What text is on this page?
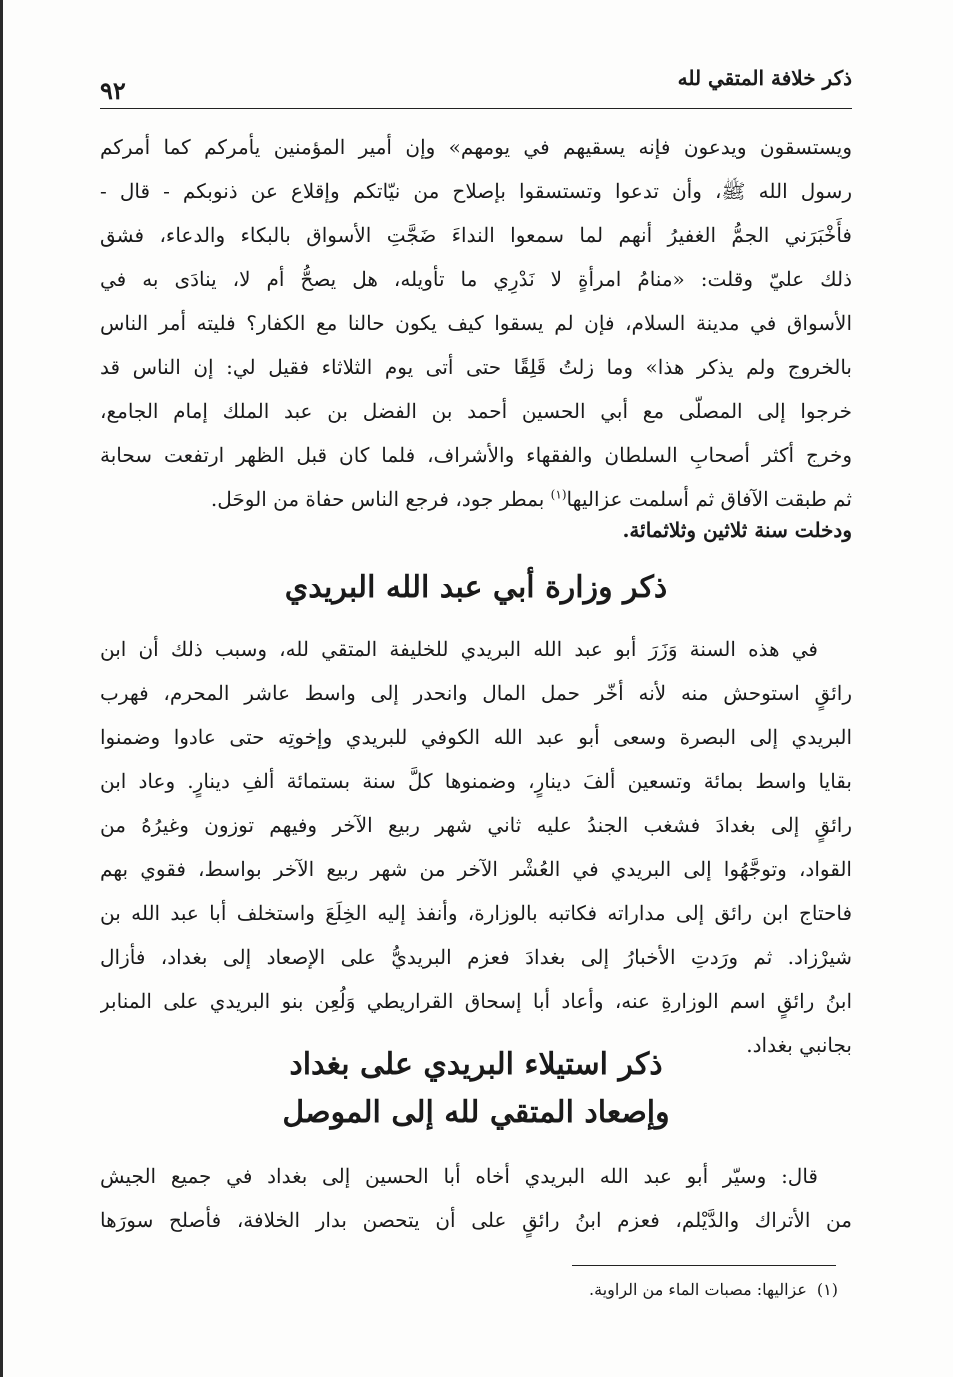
ذكر خلافة المتقي لله
٩٢
ويستسقون ويدعون فإنه يسقيهم في يومهم» وإن أمير المؤمنين يأمركم كما أمركم
رسول الله ﷺ، وأن تدعوا وتستسقوا بإصلاح من نيّاتكم وإقلاع عن ذنوبكم - قال -
فأَخْبَرَني الجمُّ الغفيرُ أنهم لما سمعوا النداءَ ضَجَّتِ الأسواق بالبكاء والدعاء، فشق
ذلك عليّ وقلت: «منامُ امرأةٍ لا نَدْرِي ما تأويله، هل يصحُّ أم لا، ينادَى به في
الأسواق في مدينة السلام، فإن لم يسقوا كيف يكون حالنا مع الكفار؟ فليته أمر الناس
بالخروج ولم يذكر هذا» وما زلتُ قَلِقًا حتى أتى يوم الثلاثاء فقيل لي: إن الناس قد
خرجوا إلى المصلّى مع أبي الحسين أحمد بن الفضل بن عبد الملك إمام الجامع،
وخرج أكثر أصحابِ السلطان والفقهاء والأشراف، فلما كان قبل الظهر ارتفعت سحابة
ثم طبقت الآفاق ثم أسلمت عزاليها$^{(١)}$ بمطر جود، فرجع الناس حفاة من الوحَل.
ودخلت سنة ثلاثين وثلاثمائة.
ذكر وزارة أبي عبد الله البريدي
في هذه السنة وَزَرَ أبو عبد الله البريدي للخليفة المتقي لله، وسبب ذلك أن ابن
رائقٍ استوحش منه لأنه أخّر حمل المال وانحدر إلى واسط عاشر المحرم، فهرب
البريدي إلى البصرة وسعى أبو عبد الله الكوفي للبريدي وإخوتِه حتى عادوا وضمنوا
بقايا واسط بمائة وتسعين ألفَ دينارٍ، وضمنوها كلَّ سنة بستمائة ألفِ دينارٍ. وعاد ابن
رائقٍ إلى بغدادَ فشغب الجندُ عليه ثاني شهر ربيع الآخر وفيهم توزون وغيرُهُ من
القواد، وتوجَّهُوا إلى البريدي في العُشْر الآخر من شهر ربيع الآخر بواسط، فقوي بهم
فاحتاج ابن رائق إلى مداراته فكاتبه بالوزارة، وأنفذ إليه الخِلَعَ واستخلف أبا عبد الله بن
شيرْزاد. ثم ورَدتِ الأخبارُ إلى بغدادَ فعزم البريديُّ على الإصعاد إلى بغداد، فأزال
ابنُ رائقٍ اسم الوزارةِ عنه، وأعاد أبا إسحاق القراريطي وَلُعِن بنو البريدي على المنابر
بجانبي بغداد.
ذكر استيلاء البريدي على بغداد
وإصعاد المتقي لله إلى الموصل
قال: وسيّر أبو عبد الله البريدي أخاه أبا الحسين إلى بغداد في جميع الجيش
من الأتراك والدَّيْلم، فعزم ابنُ رائقٍ على أن يتحصن بدار الخلافة، فأصلح سورَها
(١)عزاليها: مصبات الماء من الراوية.
